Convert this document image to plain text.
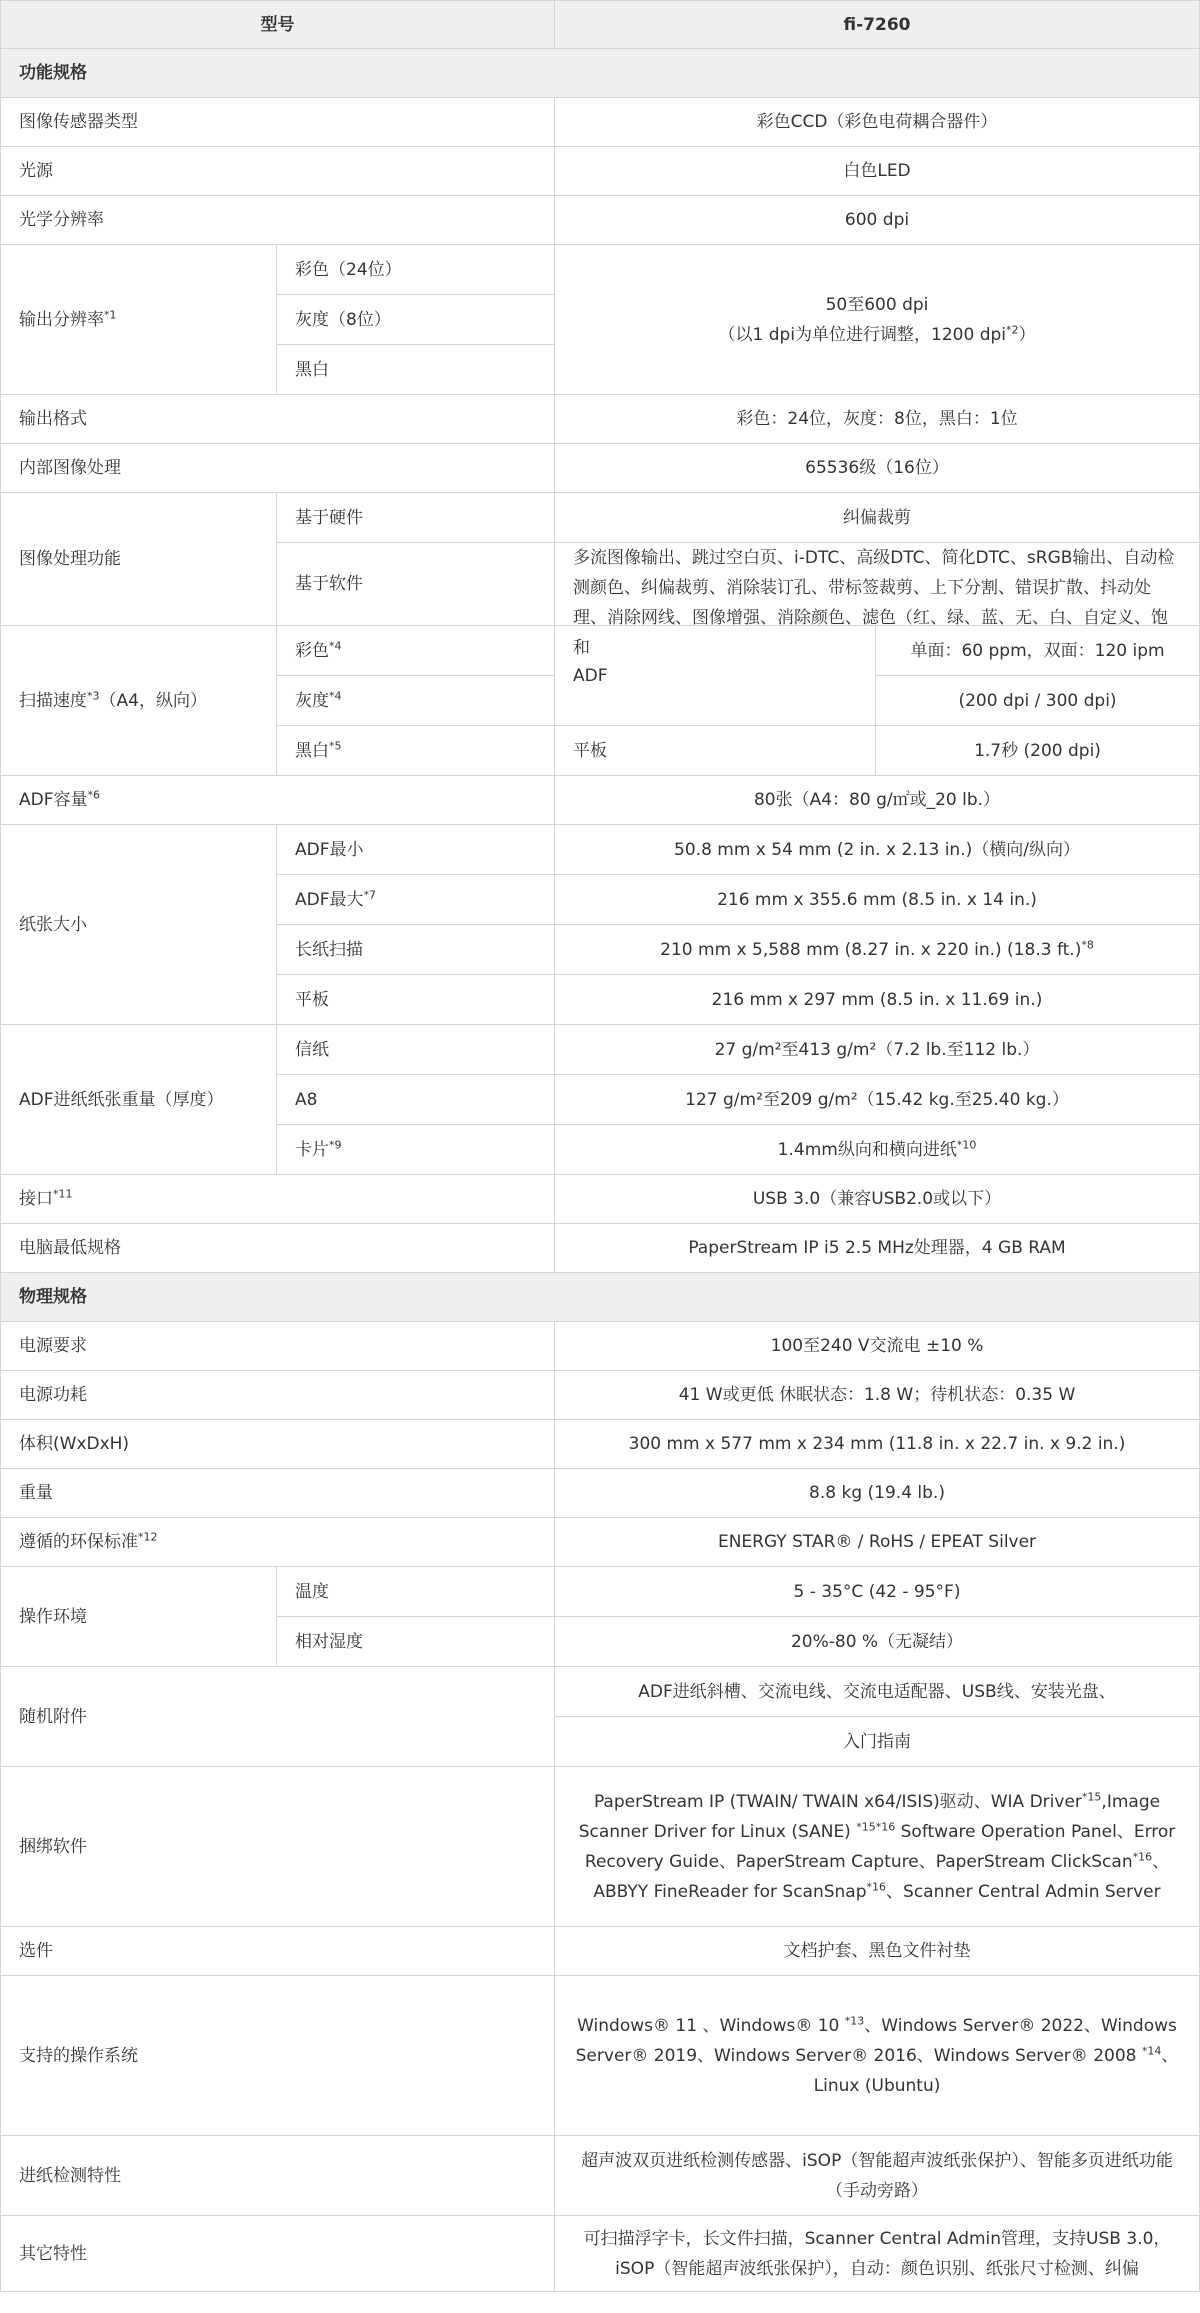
型号		fi-7260	
功能规格			
图像传感器类型		彩色CCD（彩色电荷耦合器件）	
光源		白色LED	
光学分辨率		600 dpi	
输出分辨率$^{*1}$	彩色（24位）	50至600 dpi
（以1 dpi为单位进行调整，1200 dpi$^{*2}$）	

	灰度（8位）		
	黑白		
输出格式		彩色：24位，灰度：8位，黑白：1位	
内部图像处理		65536级（16位）	
图像处理功能	基于硬件	纠偏裁剪	
	基于软件	多流图像输出、跳过空白页、i-DTC、高级DTC、简化DTC、sRGB输出、自动检测颜色、纠偏裁剪、消除装订孔、带标签裁剪、上下分割、错误扩散、抖动处理、消除网线、图像增强、消除颜色、滤色（红、绿、蓝、无、白、自定义、饱和	

扫描速度$^{*3}$（A4，纵向）	彩色$^{*4}$	ADF	单面：60 ppm，双面：120 ipm
	灰度$^{*4}$		(200 dpi / 300 dpi)
	黑白$^{*5}$	平板	1.7秒 (200 dpi)
ADF容量$^{*6}$		80张（A4：80 g/㎡或_20 lb.）	
纸张大小	ADF最小	50.8 mm x 54 mm (2 in. x 2.13 in.)（横向/纵向）	
	ADF最大$^{*7}$	216 mm x 355.6 mm (8.5 in. x 14 in.)	
	长纸扫描	210 mm x 5,588 mm (8.27 in. x 220 in.) (18.3 ft.)$^{*8}$
	平板	216 mm x 297 mm (8.5 in. x 11.69 in.)	
ADF进纸纸张重量（厚度）	信纸	27 g/m²至413 g/m²（7.2 lb.至112 lb.）	
	A8	127 g/m²至209 g/m²（15.42 kg.至25.40 kg.）	
	卡片$^{*9}$	1.4mm纵向和横向进纸$^{*10}$
接口$^{*11}$		USB 3.0（兼容USB2.0或以下）	
电脑最低规格		PaperStream IP i5 2.5 MHz处理器，4 GB RAM	
物理规格			
电源要求		100至240 V交流电 ±10 %	
电源功耗		41 W或更低 休眠状态：1.8 W；待机状态：0.35 W	
体积(WxDxH)		300 mm x 577 mm x 234 mm (11.8 in. x 22.7 in. x 9.2 in.)	
重量		8.8 kg (19.4 lb.)	
遵循的环保标准$^{*12}$		ENERGY STAR® / RoHS / EPEAT Silver	
操作环境	温度	5 - 35°C (42 - 95°F)	
	相对湿度	20%-80 %（无凝结）	
随机附件		ADF进纸斜槽、交流电线、交流电适配器、USB线、安装光盘、	
		入门指南	
捆绑软件		PaperStream IP (TWAIN/ TWAIN x64/ISIS)驱动、WIA Driver$^{*15}$,Image Scanner Driver for Linux (SANE) $^{*15*16}$ Software Operation Panel、Error Recovery Guide、PaperStream Capture、PaperStream ClickScan$^{*16}$、ABBYY FineReader for ScanSnap$^{*16}$、Scanner Central Admin Server	
选件		文档护套、黑色文件衬垫	
支持的操作系统		Windows® 11 、Windows® 10 $^{*13}$、Windows Server® 2022、Windows Server® 2019、Windows Server® 2016、Windows Server® 2008 $^{*14}$、Linux (Ubuntu)	
进纸检测特性		超声波双页进纸检测传感器、iSOP（智能超声波纸张保护）、智能多页进纸功能（手动旁路）	
其它特性		可扫描浮字卡，长文件扫描，Scanner Central Admin管理，支持USB 3.0，iSOP（智能超声波纸张保护），自动：颜色识别、纸张尺寸检测、纠偏	
